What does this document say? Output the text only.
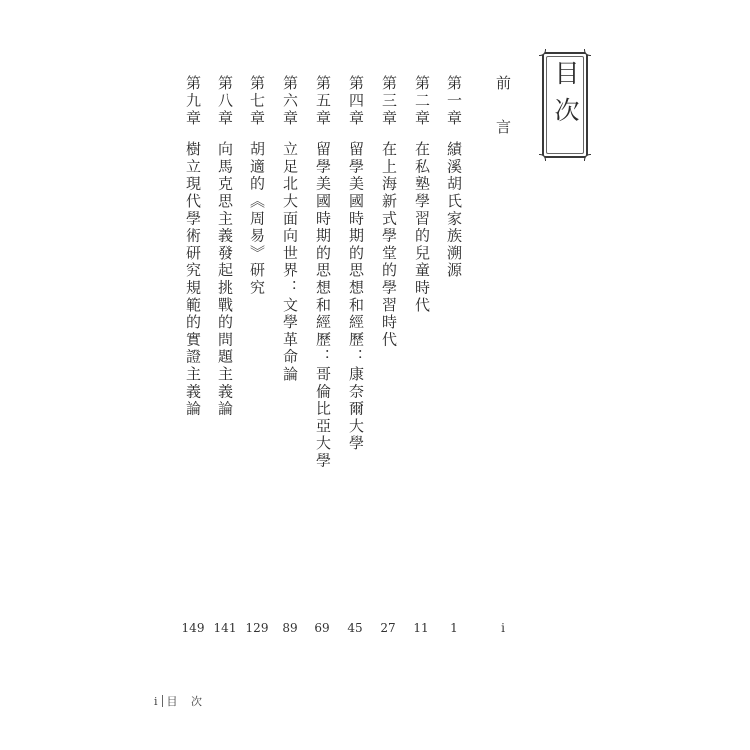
目次
前 言
i
第一章績溪胡氏家族溯源
1
第二章在私塾學習的兒童時代
11
第三章在上海新式學堂的學習時代
27
第四章留學美國時期的思想和經歷：康奈爾大學
45
第五章留學美國時期的思想和經歷：哥倫比亞大學
69
第六章立足北大面向世界：文學革命論
89
第七章胡適的《周易》研究
129
第八章向馬克思主義發起挑戰的問題主義論
141
第九章樹立現代學術研究規範的實證主義論
149
i 目 次
